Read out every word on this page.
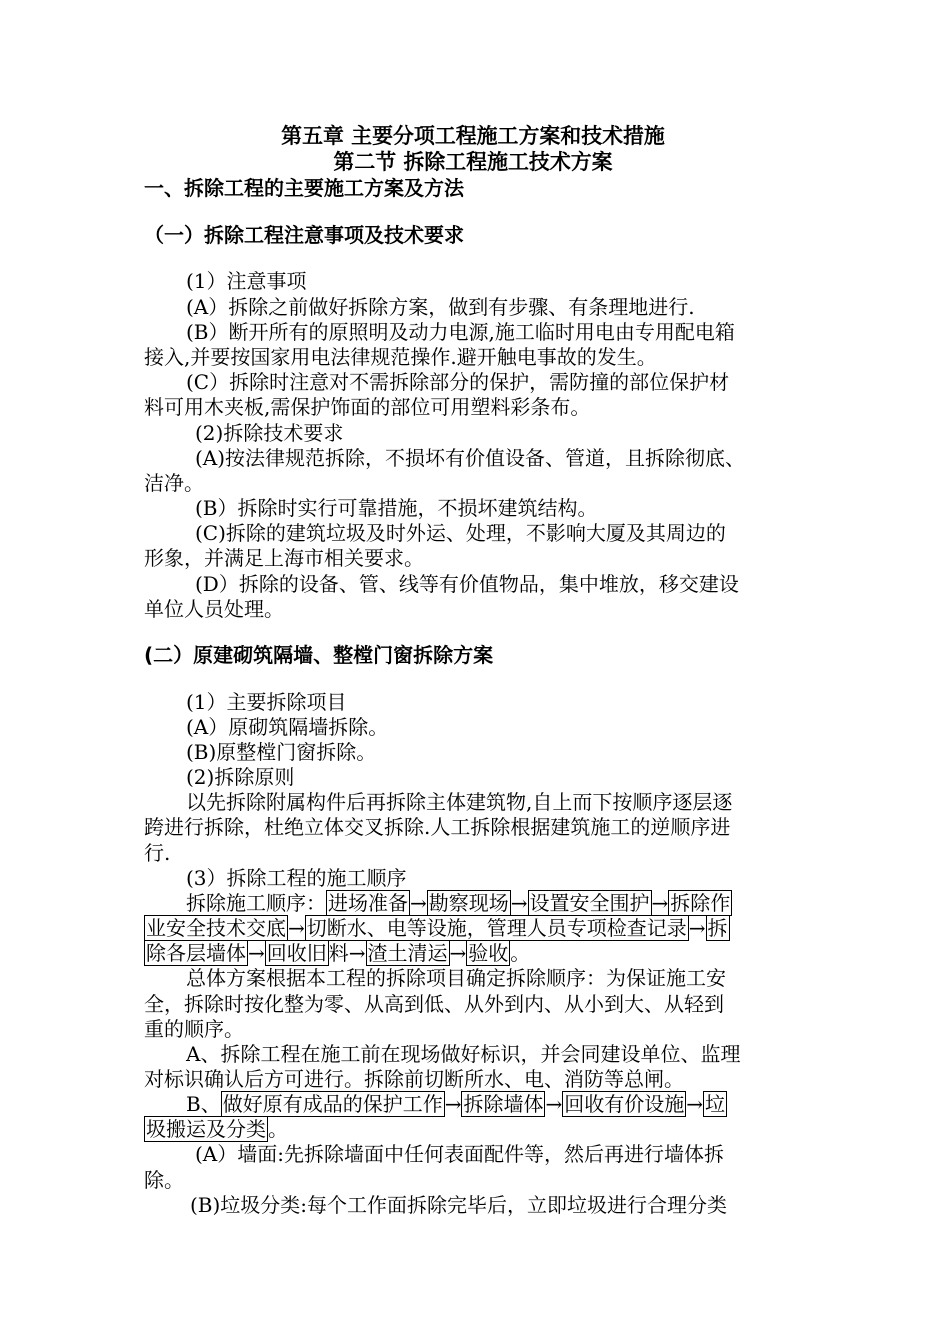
第五章 主要分项工程施工方案和技术措施

第二节 拆除工程施工技术方案

一、拆除工程的主要施工方案及方法

（一）拆除工程注意事项及技术要求

(1）注意事项

(A）拆除之前做好拆除方案，做到有步骤、有条理地进行.

(B）断开所有的原照明及动力电源,施工临时用电由专用配电箱

接入,并要按国家用电法律规范操作.避开触电事故的发生。

(C）拆除时注意对不需拆除部分的保护，需防撞的部位保护材

料可用木夹板,需保护饰面的部位可用塑料彩条布。

(2)拆除技术要求

(A)按法律规范拆除，不损坏有价值设备、管道，且拆除彻底、

洁净。

(B）拆除时实行可靠措施，不损坏建筑结构。

(C)拆除的建筑垃圾及时外运、处理，不影响大厦及其周边的

形象，并满足上海市相关要求。

(D）拆除的设备、管、线等有价值物品，集中堆放，移交建设

单位人员处理。

(二）原建砌筑隔墙、整樘门窗拆除方案

(1）主要拆除项目

(A）原砌筑隔墙拆除。

(B)原整樘门窗拆除。

(2)拆除原则

以先拆除附属构件后再拆除主体建筑物,自上而下按顺序逐层逐

跨进行拆除，杜绝立体交叉拆除.人工拆除根据建筑施工的逆顺序进

行.

(3）拆除工程的施工顺序

拆除施工顺序： 进场准备 → 勘察现场 → 设置安全围护 → 拆除作

业安全技术交底 → 切断水、电等设施，管理人员专项检查记录 → 拆

除各层墙体 → 回收旧 料→ 渣土清运 → 验收 。

总体方案根据本工程的拆除项目确定拆除顺序：为保证施工安

全，拆除时按化整为零、从高到低、从外到内、从小到大、从轻到

重的顺序。

A、拆除工程在施工前在现场做好标识，并会同建设单位、监理

对标识确认后方可进行。拆除前切断所水、电、消防等总闸。

B、 做好原有成品的保护工作 → 拆除墙体 → 回收有价设施 → 垃

圾搬运及分类 。

(A）墙面:先拆除墙面中任何表面配件等，然后再进行墙体拆

除。

(B)垃圾分类:每个工作面拆除完毕后，立即垃圾进行合理分类
